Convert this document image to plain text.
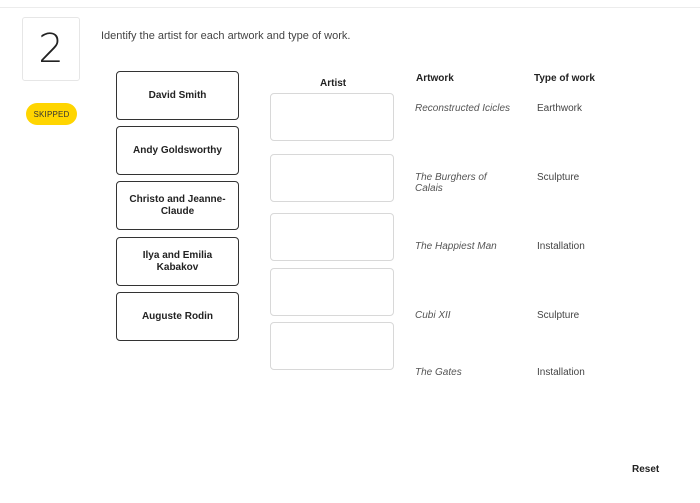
2
SKIPPED
Identify the artist for each artwork and type of work.
David Smith
Andy Goldsworthy
Christo and Jeanne-Claude
Ilya and Emilia Kabakov
Auguste Rodin
Artist	Artwork	Type of work
Reconstructed Icicles
The Burghers of Calais
The Happiest Man
Cubi XII
The Gates
Earthwork
Sculpture
Installation
Sculpture
Installation
Reset
